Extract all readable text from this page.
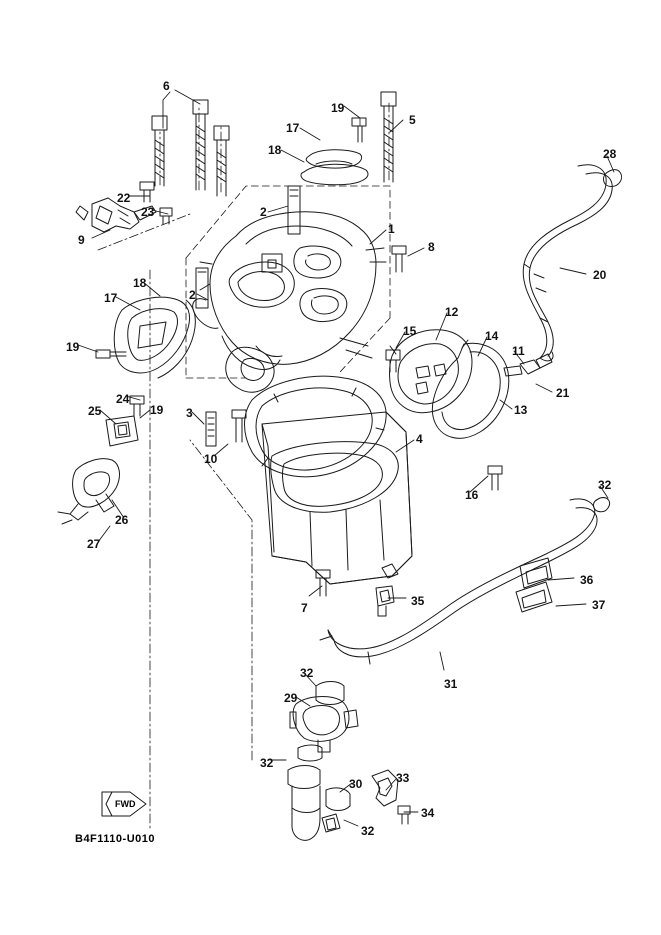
6
19
5
17
18	28
22
23	2
1
9	8
20
18
2
17
12
15	14
19	11
21
13
24
19 3
25
4
10
16
32
26
27
36
37
7	35
31
32
29
32
30	33
34
32
FWD
B4F1110-U010
